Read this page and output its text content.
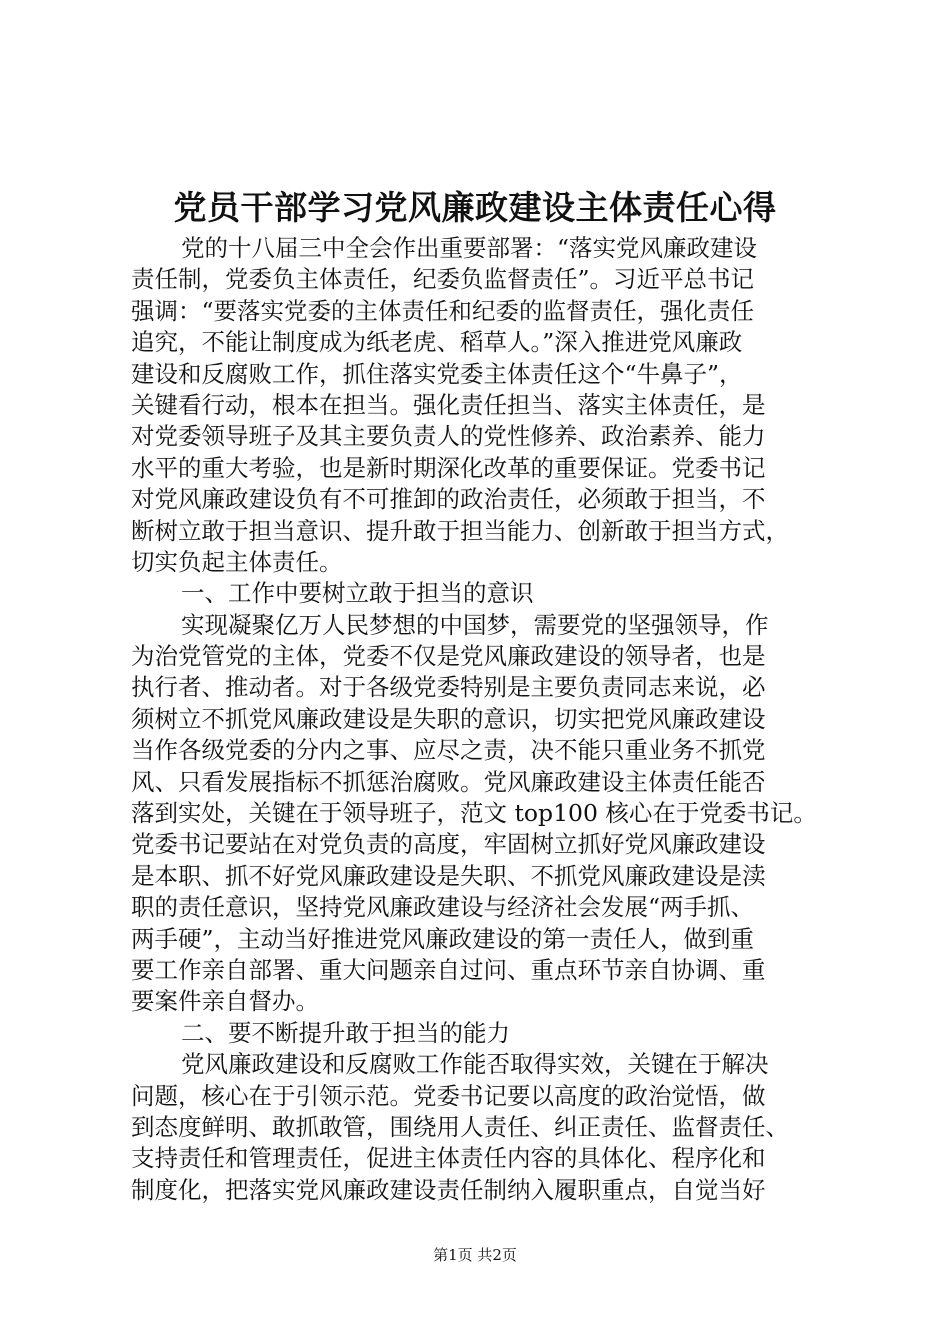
党员干部学习党风廉政建设主体责任心得
党的十八届三中全会作出重要部署：“落实党风廉政建设
责任制，党委负主体责任，纪委负监督责任”。习近平总书记
强调：“要落实党委的主体责任和纪委的监督责任，强化责任
追究，不能让制度成为纸老虎、稻草人。”深入推进党风廉政
建设和反腐败工作，抓住落实党委主体责任这个“牛鼻子”，
关键看行动，根本在担当。强化责任担当、落实主体责任，是
对党委领导班子及其主要负责人的党性修养、政治素养、能力
水平的重大考验，也是新时期深化改革的重要保证。党委书记
对党风廉政建设负有不可推卸的政治责任，必须敢于担当，不
断树立敢于担当意识、提升敢于担当能力、创新敢于担当方式，
切实负起主体责任。
一、工作中要树立敢于担当的意识
实现凝聚亿万人民梦想的中国梦，需要党的坚强领导，作
为治党管党的主体，党委不仅是党风廉政建设的领导者，也是
执行者、推动者。对于各级党委特别是主要负责同志来说，必
须树立不抓党风廉政建设是失职的意识，切实把党风廉政建设
当作各级党委的分内之事、应尽之责，决不能只重业务不抓党
风、只看发展指标不抓惩治腐败。党风廉政建设主体责任能否
落到实处，关键在于领导班子，范文 top100 核心在于党委书记。
党委书记要站在对党负责的高度，牢固树立抓好党风廉政建设
是本职、抓不好党风廉政建设是失职、不抓党风廉政建设是渎
职的责任意识，坚持党风廉政建设与经济社会发展“两手抓、
两手硬”，主动当好推进党风廉政建设的第一责任人，做到重
要工作亲自部署、重大问题亲自过问、重点环节亲自协调、重
要案件亲自督办。
二、要不断提升敢于担当的能力
党风廉政建设和反腐败工作能否取得实效，关键在于解决
问题，核心在于引领示范。党委书记要以高度的政治觉悟，做
到态度鲜明、敢抓敢管，围绕用人责任、纠正责任、监督责任、
支持责任和管理责任，促进主体责任内容的具体化、程序化和
制度化，把落实党风廉政建设责任制纳入履职重点，自觉当好
第1页 共2页
